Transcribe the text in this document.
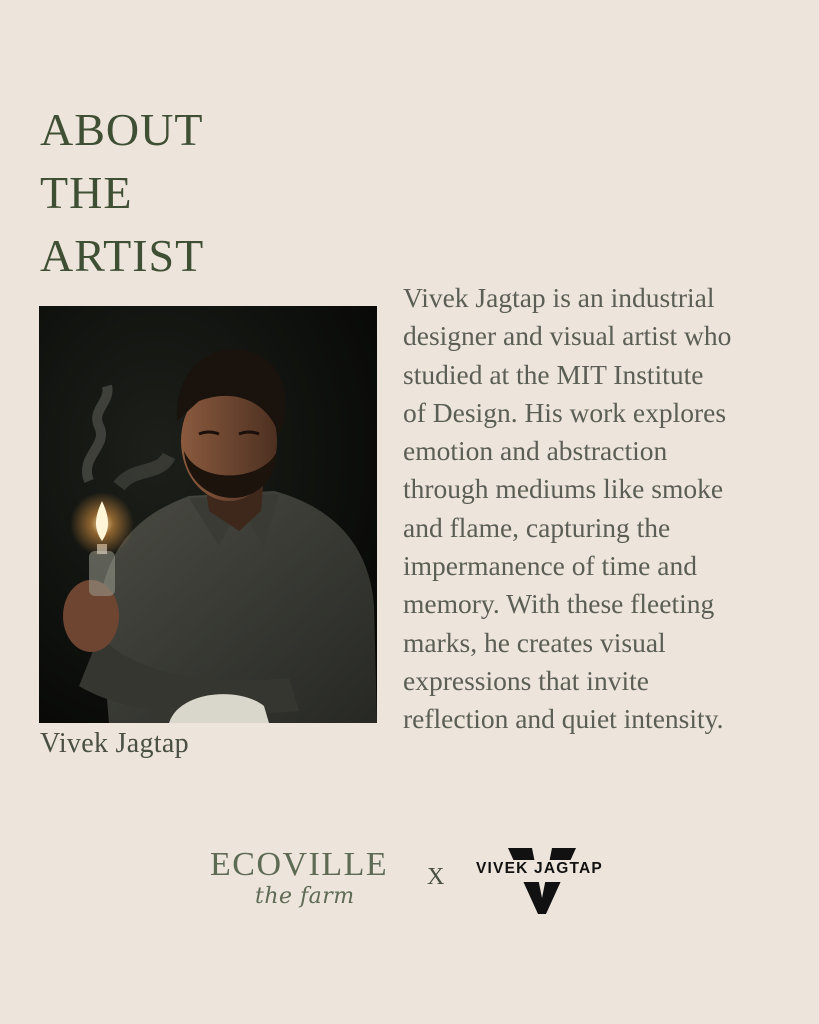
ABOUT
THE
ARTIST
Vivek Jagtap

Vivek Jagtap is an industrial

designer and visual artist who

studied at the MIT Institute

of Design. His work explores

emotion and abstraction

through mediums like smoke

and flame, capturing the

impermanence of time and

memory. With these fleeting

marks, he creates visual

expressions that invite

reflection and quiet intensity.

ECOVILLE
the farm
X VIVEK JAGTAP
